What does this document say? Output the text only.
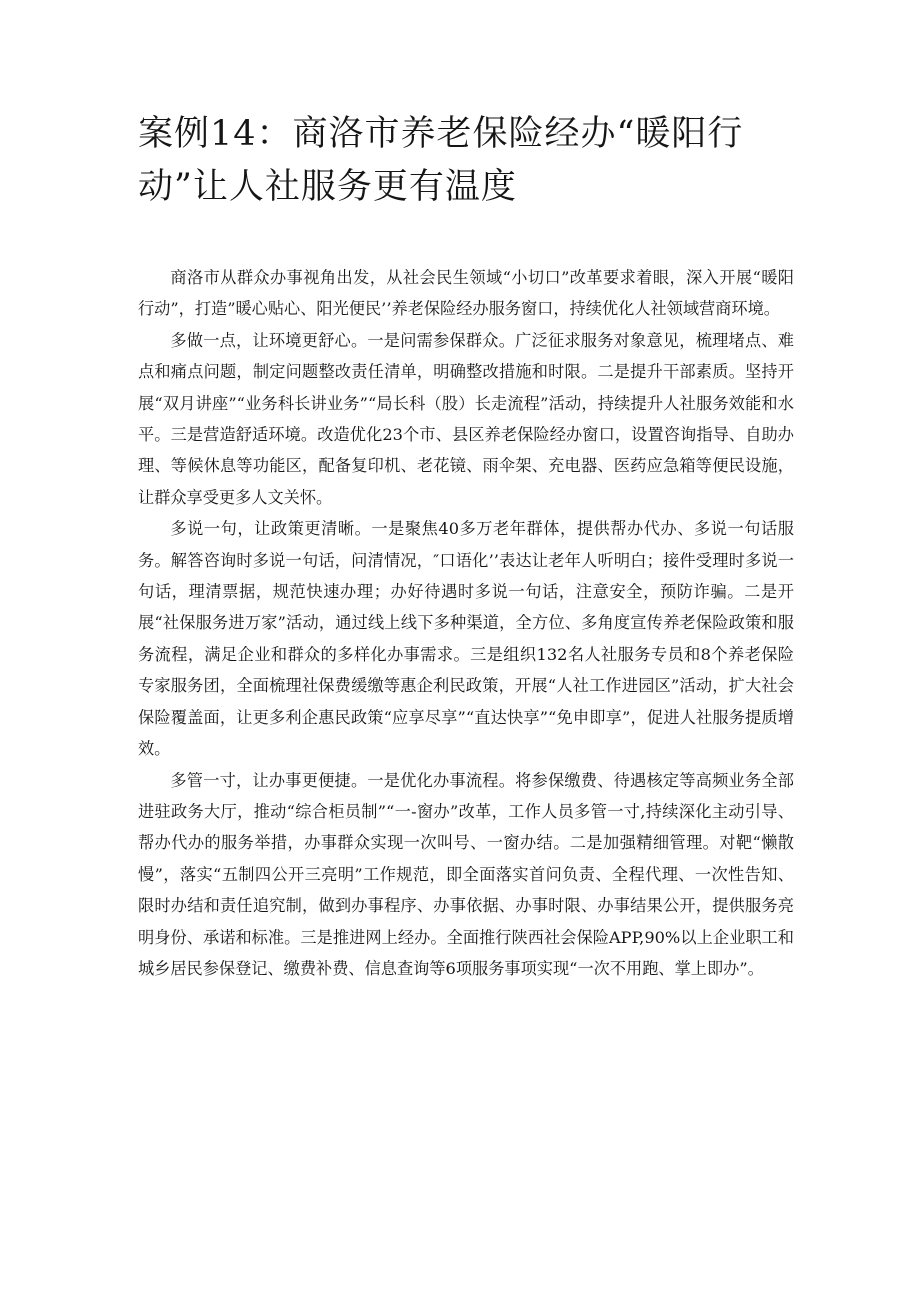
案例14：商洛市养老保险经办“暖阳行动”让人社服务更有温度

商洛市从群众办事视角出发，从社会民生领域“小切口”改革要求着眼，深入开展“暖阳行动”，打造”暖心贴心、阳光便民’’养老保险经办服务窗口，持续优化人社领域营商环境。

多做一点，让环境更舒心。一是问需参保群众。广泛征求服务对象意见，梳理堵点、难点和痛点问题，制定问题整改责任清单，明确整改措施和时限。二是提升干部素质。坚持开展“双月讲座”“业务科长讲业务”“局长科（股）长走流程”活动，持续提升人社服务效能和水平。三是营造舒适环境。改造优化23个市、县区养老保险经办窗口，设置咨询指导、自助办理、等候休息等功能区，配备复印机、老花镜、雨伞架、充电器、医药应急箱等便民设施，让群众享受更多人文关怀。

多说一句，让政策更清晰。一是聚焦40多万老年群体，提供帮办代办、多说一句话服务。解答咨询时多说一句话，问清情况，″口语化’’表达让老年人听明白；接件受理时多说一句话，理清票据，规范快速办理；办好待遇时多说一句话，注意安全，预防诈骗。二是开展“社保服务进万家”活动，通过线上线下多种渠道，全方位、多角度宣传养老保险政策和服务流程，满足企业和群众的多样化办事需求。三是组织132名人社服务专员和8个养老保险专家服务团，全面梳理社保费缓缴等惠企利民政策，开展“人社工作进园区”活动，扩大社会保险覆盖面，让更多利企惠民政策“应享尽享”“直达快享”“免申即享”，促进人社服务提质增效。

多管一寸，让办事更便捷。一是优化办事流程。将参保缴费、待遇核定等高频业务全部进驻政务大厅，推动“综合柜员制”“一-窗办”改革，工作人员多管一寸,持续深化主动引导、帮办代办的服务举措，办事群众实现一次叫号、一窗办结。二是加强精细管理。对靶“懒散慢”，落实“五制四公开三亮明”工作规范，即全面落实首问负责、全程代理、一次性告知、限时办结和责任追究制，做到办事程序、办事依据、办事时限、办事结果公开，提供服务亮明身份、承诺和标准。三是推进网上经办。全面推行陕西社会保险APP,90%以上企业职工和城乡居民参保登记、缴费补费、信息查询等6项服务事项实现“一次不用跑、掌上即办”。
